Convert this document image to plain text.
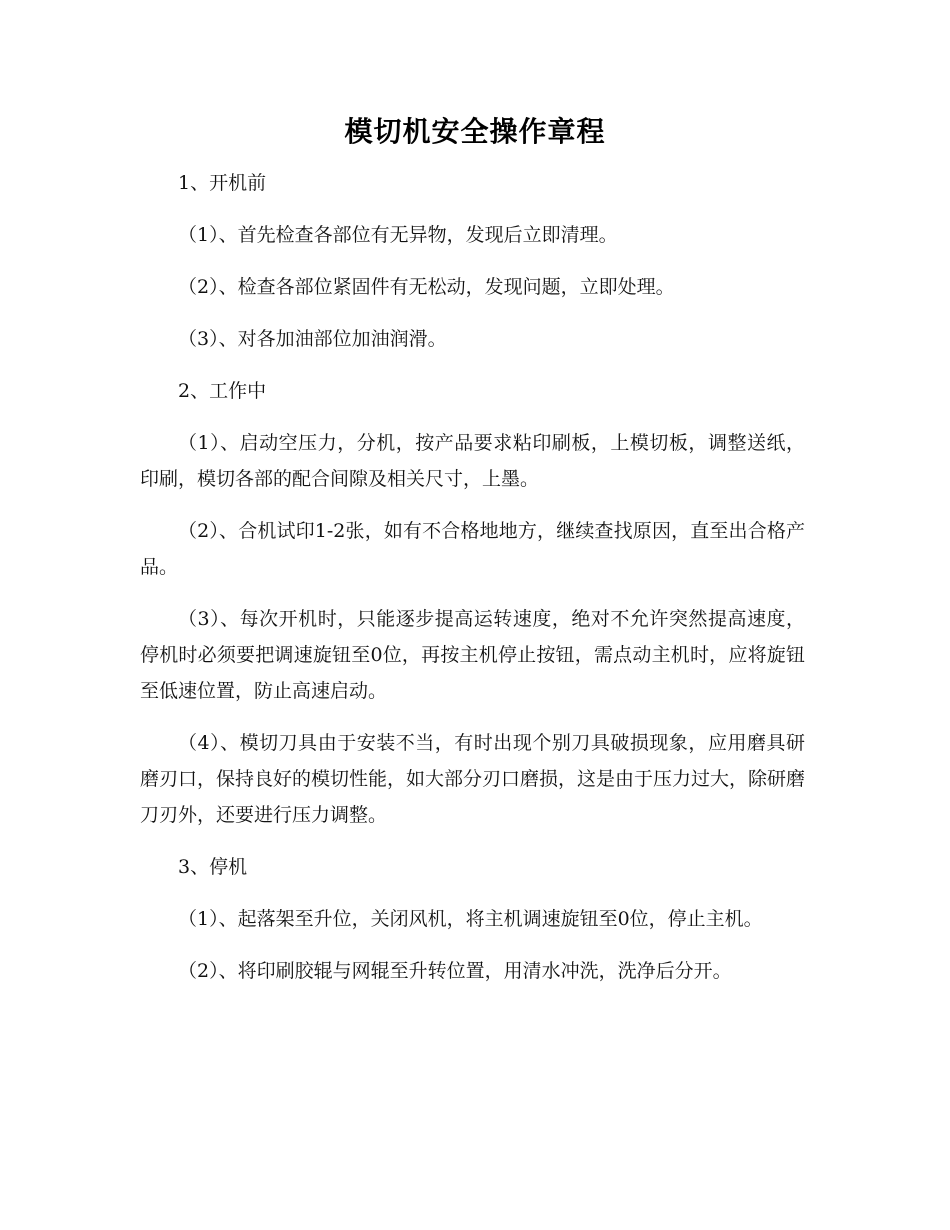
模切机安全操作章程

1、开机前

（1）、首先检查各部位有无异物，发现后立即清理。

（2）、检查各部位紧固件有无松动，发现问题，立即处理。

（3）、对各加油部位加油润滑。

2、工作中

（1）、启动空压力，分机，按产品要求粘印刷板，上模切板，调整送纸，印刷，模切各部的配合间隙及相关尺寸，上墨。

（2）、合机试印1-2张，如有不合格地地方，继续查找原因，直至出合格产品。

（3）、每次开机时，只能逐步提高运转速度，绝对不允许突然提高速度，停机时必须要把调速旋钮至0位，再按主机停止按钮，需点动主机时，应将旋钮至低速位置，防止高速启动。

（4）、模切刀具由于安装不当，有时出现个别刀具破损现象，应用磨具研磨刃口，保持良好的模切性能，如大部分刃口磨损，这是由于压力过大，除研磨刀刃外，还要进行压力调整。

3、停机

（1）、起落架至升位，关闭风机，将主机调速旋钮至0位，停止主机。

（2）、将印刷胶辊与网辊至升转位置，用清水冲洗，洗净后分开。
